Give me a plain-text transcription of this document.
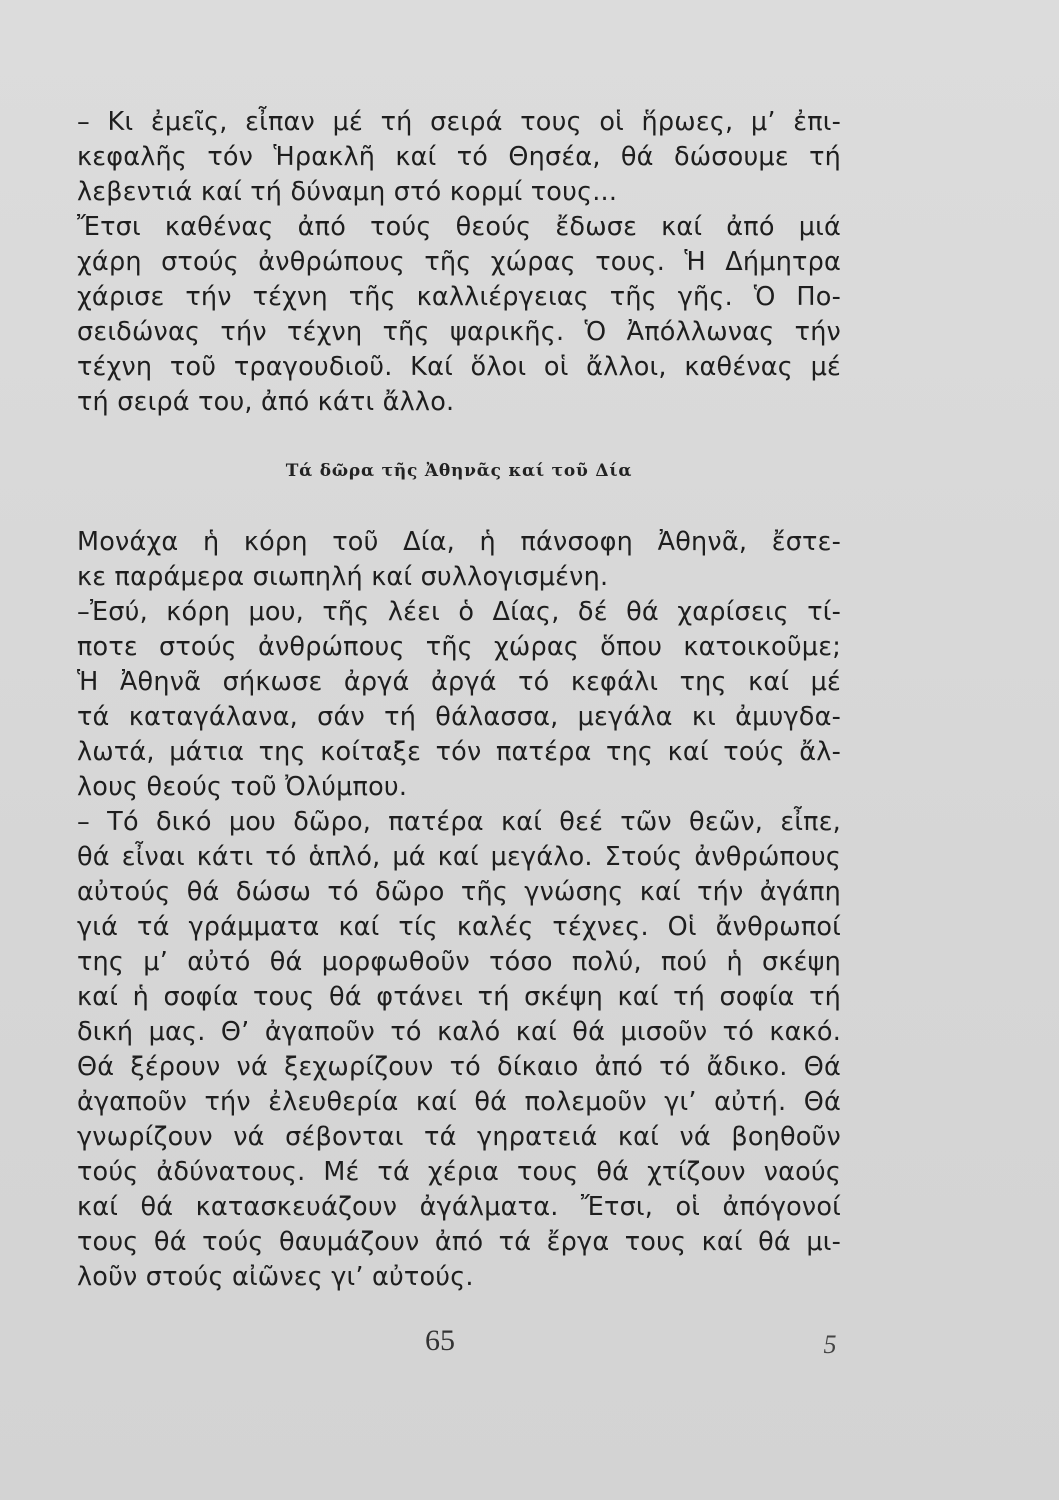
– Κι ἐμεῖς, εἶπαν μέ τή σειρά τους οἱ ἥρωες, μ’ ἐπι-
κεφαλῆς τόν Ἡρακλῆ καί τό Θησέα, θά δώσουμε τή
λεβεντιά καί τή δύναμη στό κορμί τους...
Ἔτσι καθένας ἀπό τούς θεούς ἔδωσε καί ἀπό μιά
χάρη στούς ἀνθρώπους τῆς χώρας τους. Ἡ Δήμητρα
χάρισε τήν τέχνη τῆς καλλιέργειας τῆς γῆς. Ὁ Πο-
σειδώνας τήν τέχνη τῆς ψαρικῆς. Ὁ Ἀπόλλωνας τήν
τέχνη τοῦ τραγουδιοῦ. Καί ὅλοι οἱ ἄλλοι, καθένας μέ
τή σειρά του, ἀπό κάτι ἄλλο.
Τά δῶρα τῆς Ἀθηνᾶς καί τοῦ Δία
Μονάχα ἡ κόρη τοῦ Δία, ἡ πάνσοφη Ἀθηνᾶ, ἔστε-
κε παράμερα σιωπηλή καί συλλογισμένη.
–Ἐσύ, κόρη μου, τῆς λέει ὁ Δίας, δέ θά χαρίσεις τί-
ποτε στούς ἀνθρώπους τῆς χώρας ὅπου κατοικοῦμε;
Ἡ Ἀθηνᾶ σήκωσε ἀργά ἀργά τό κεφάλι της καί μέ
τά καταγάλανα, σάν τή θάλασσα, μεγάλα κι ἀμυγδα-
λωτά, μάτια της κοίταξε τόν πατέρα της καί τούς ἄλ-
λους θεούς τοῦ Ὀλύμπου.
– Τό δικό μου δῶρο, πατέρα καί θεέ τῶν θεῶν, εἶπε,
θά εἶναι κάτι τό ἁπλό, μά καί μεγάλο. Στούς ἀνθρώπους
αὐτούς θά δώσω τό δῶρο τῆς γνώσης καί τήν ἀγάπη
γιά τά γράμματα καί τίς καλές τέχνες. Οἱ ἄνθρωποί
της μ’ αὐτό θά μορφωθοῦν τόσο πολύ, πού ἡ σκέψη
καί ἡ σοφία τους θά φτάνει τή σκέψη καί τή σοφία τή
δική μας. Θ’ ἀγαποῦν τό καλό καί θά μισοῦν τό κακό.
Θά ξέρουν νά ξεχωρίζουν τό δίκαιο ἀπό τό ἄδικο. Θά
ἀγαποῦν τήν ἐλευθερία καί θά πολεμοῦν γι’ αὐτή. Θά
γνωρίζουν νά σέβονται τά γηρατειά καί νά βοηθοῦν
τούς ἀδύνατους. Μέ τά χέρια τους θά χτίζουν ναούς
καί θά κατασκευάζουν ἀγάλματα. Ἔτσι, οἱ ἀπόγονοί
τους θά τούς θαυμάζουν ἀπό τά ἔργα τους καί θά μι-
λοῦν στούς αἰῶνες γι’ αὐτούς.
65	5
